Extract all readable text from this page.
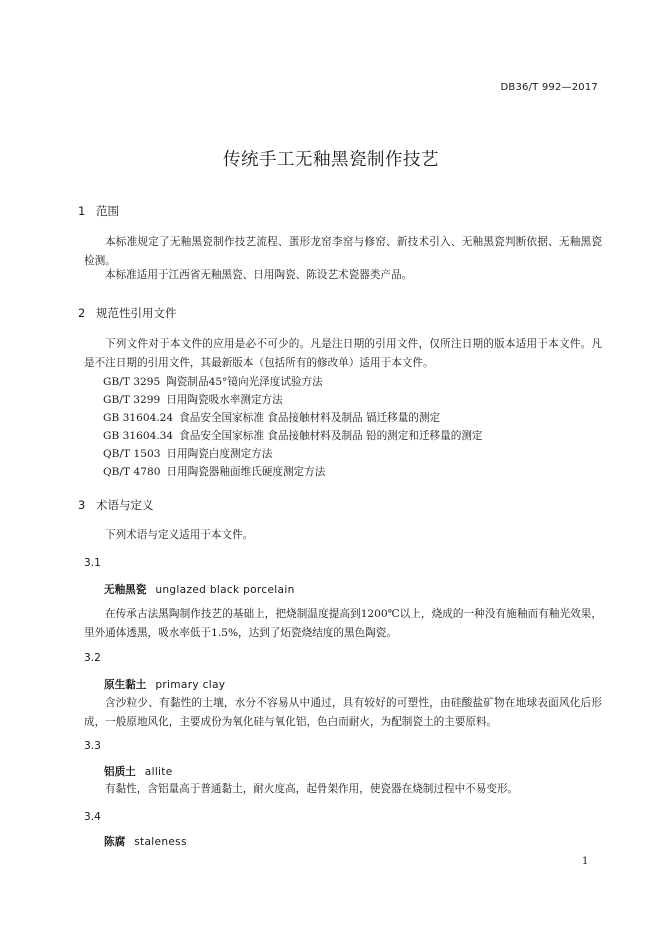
DB36/T 992—2017
传统手工无釉黑瓷制作技艺
1 范围
本标准规定了无釉黑瓷制作技艺流程、蛋形龙窑李窑与修窑、新技术引入、无釉黑瓷判断依据、无釉黑瓷检测。
本标准适用于江西省无釉黑瓷、日用陶瓷、陈设艺术瓷器类产品。
2 规范性引用文件
下列文件对于本文件的应用是必不可少的。凡是注日期的引用文件，仅所注日期的版本适用于本文件。凡是不注日期的引用文件，其最新版本（包括所有的修改单）适用于本文件。
GB/T 3295 陶瓷制品45°镜向光泽度试验方法
GB/T 3299 日用陶瓷吸水率测定方法
GB 31604.24 食品安全国家标准 食品接触材料及制品 镉迁移量的测定
GB 31604.34 食品安全国家标准 食品接触材料及制品 铅的测定和迁移量的测定
QB/T 1503 日用陶瓷白度测定方法
QB/T 4780 日用陶瓷器釉面维氏硬度测定方法
3 术语与定义
下列术语与定义适用于本文件。
3.1
无釉黑瓷 unglazed black porcelain
在传承古法黑陶制作技艺的基础上，把烧制温度提高到1200℃以上，烧成的一种没有施釉而有釉光效果，里外通体透黑，吸水率低于1.5%，达到了炻瓷烧结度的黑色陶瓷。
3.2
原生黏土 primary clay
含沙粒少、有黏性的土壤，水分不容易从中通过，具有较好的可塑性，由硅酸盐矿物在地球表面风化后形成，一般原地风化，主要成份为氧化硅与氧化铝，色白而耐火，为配制瓷土的主要原料。
3.3
铝质土 allite
有黏性，含铝量高于普通黏土，耐火度高，起骨架作用，使瓷器在烧制过程中不易变形。
3.4
陈腐 staleness
1
